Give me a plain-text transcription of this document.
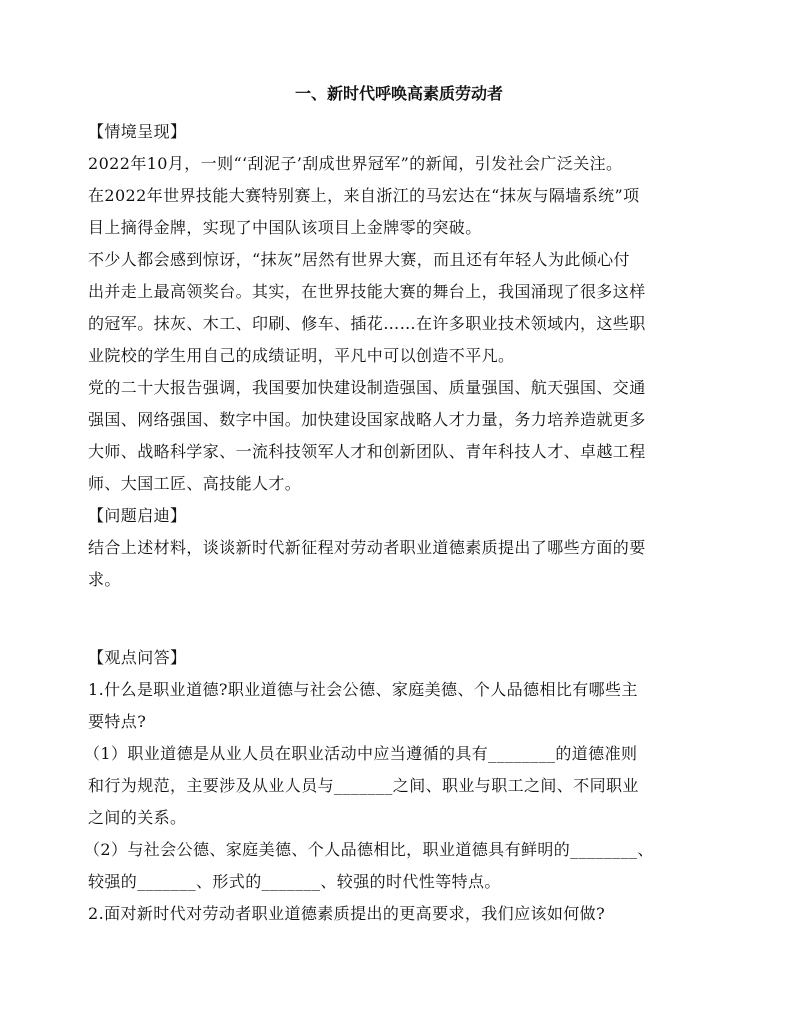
一、新时代呼唤高素质劳动者
【情境呈现】
2022年10月，一则“‘刮泥子’刮成世界冠军”的新闻，引发社会广泛关注。
在2022年世界技能大赛特别赛上，来自浙江的马宏达在“抹灰与隔墙系统”项
目上摘得金牌，实现了中国队该项目上金牌零的突破。
不少人都会感到惊讶，“抹灰”居然有世界大赛，而且还有年轻人为此倾心付
出并走上最高领奖台。其实，在世界技能大赛的舞台上，我国涌现了很多这样
的冠军。抹灰、木工、印刷、修车、插花……在许多职业技术领域内，这些职
业院校的学生用自己的成绩证明，平凡中可以创造不平凡。
党的二十大报告强调，我国要加快建设制造强国、质量强国、航天强国、交通
强国、网络强国、数字中国。加快建设国家战略人才力量，务力培养造就更多
大师、战略科学家、一流科技领军人才和创新团队、青年科技人才、卓越工程
师、大国工匠、高技能人才。
【问题启迪】
结合上述材料，谈谈新时代新征程对劳动者职业道德素质提出了哪些方面的要
求。
【观点问答】
1.什么是职业道德?职业道德与社会公德、家庭美德、个人品德相比有哪些主
要特点?
（1）职业道德是从业人员在职业活动中应当遵循的具有________的道德准则
和行为规范，主要涉及从业人员与_______之间、职业与职工之间、不同职业
之间的关系。
（2）与社会公德、家庭美德、个人品德相比，职业道德具有鲜明的________、
较强的_______、形式的_______、较强的时代性等特点。
2.面对新时代对劳动者职业道德素质提出的更高要求，我们应该如何做?
